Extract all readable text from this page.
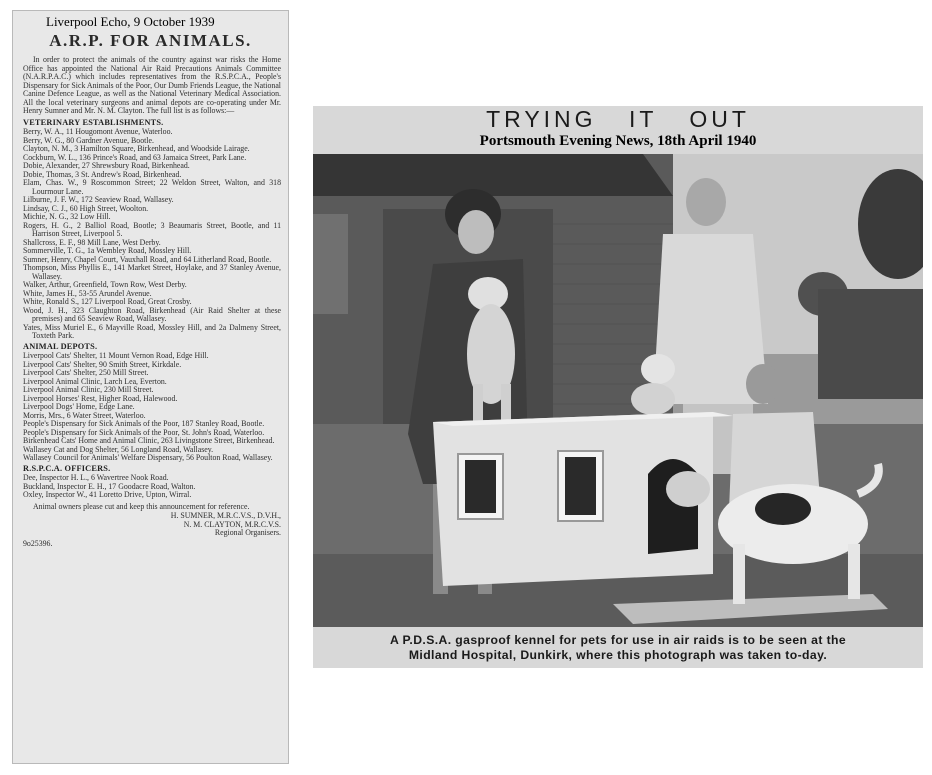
Liverpool Echo, 9 October 1939
A.R.P. FOR ANIMALS.

In order to protect the animals of the country against war risks the Home Office has appointed the National Air Raid Precautions Animals Committee (N.A.R.P.A.C.) which includes representatives from the R.S.P.C.A., People's Dispensary for Sick Animals of the Poor, Our Dumb Friends League, the National Canine Defence League, as well as the National Veterinary Medical Association. All the local veterinary surgeons and animal depots are co-operating under Mr. Henry Sumner and Mr. N. M. Clayton. The full list is as follows:—

VETERINARY ESTABLISHMENTS.

Berry, W. A., 11 Hougomont Avenue, Waterloo.

Berry, W. G., 80 Gardner Avenue, Bootle.

Clayton, N. M., 3 Hamilton Square, Birkenhead, and Woodside Lairage.

Cockburn, W. L., 136 Prince's Road, and 63 Jamaica Street, Park Lane.

Dobie, Alexander, 27 Shrewsbury Road, Birkenhead.

Dobie, Thomas, 3 St. Andrew's Road, Birkenhead.

Elam, Chas. W., 9 Roscommon Street; 22 Weldon Street, Walton, and 318 Lourmour Lane.

Lilburne, J. F. W., 172 Seaview Road, Wallasey.

Lindsay, C. J., 60 High Street, Woolton.

Michie, N. G., 32 Low Hill.

Rogers, H. G., 2 Balliol Road, Bootle; 3 Beaumaris Street, Bootle, and 11 Harrison Street, Liverpool 5.

Shallcross, E. F., 98 Mill Lane, West Derby.

Sommerville, T. G., 1a Wembley Road, Mossley Hill.

Sumner, Henry, Chapel Court, Vauxhall Road, and 64 Litherland Road, Bootle.

Thompson, Miss Phyllis E., 141 Market Street, Hoylake, and 37 Stanley Avenue, Wallasey.

Walker, Arthur, Greenfield, Town Row, West Derby.

White, James H., 53-55 Arundel Avenue.

White, Ronald S., 127 Liverpool Road, Great Crosby.

Wood, J. H., 323 Claughton Road, Birkenhead (Air Raid Shelter at these premises) and 65 Seaview Road, Wallasey.

Yates, Miss Muriel E., 6 Mayville Road, Mossley Hill, and 2a Dalmeny Street, Toxteth Park.

ANIMAL DEPOTS.

Liverpool Cats' Shelter, 11 Mount Vernon Road, Edge Hill.

Liverpool Cats' Shelter, 90 Smith Street, Kirkdale.

Liverpool Cats' Shelter, 250 Mill Street.

Liverpool Animal Clinic, Larch Lea, Everton.

Liverpool Animal Clinic, 230 Mill Street.

Liverpool Horses' Rest, Higher Road, Halewood.

Liverpool Dogs' Home, Edge Lane.

Morris, Mrs., 6 Water Street, Waterloo.

People's Dispensary for Sick Animals of the Poor, 187 Stanley Road, Bootle.

People's Dispensary for Sick Animals of the Poor, St. John's Road, Waterloo.

Birkenhead Cats' Home and Animal Clinic, 263 Livingstone Street, Birkenhead.

Wallasey Cat and Dog Shelter, 56 Longland Road, Wallasey.

Wallasey Council for Animals' Welfare Dispensary, 56 Poulton Road, Wallasey.

R.S.P.C.A. OFFICERS.

Dee, Inspector H. L., 6 Wavertree Nook Road.

Buckland, Inspector E. H., 17 Goodacre Road, Walton.

Oxley, Inspector W., 41 Loretto Drive, Upton, Wirral.

Animal owners please cut and keep this announcement for reference.

H. SUMNER, M.R.C.V.S., D.V.H.,

N. M. CLAYTON, M.R.C.V.S.

Regional Organisers.

9o25396.

TRYING IT OUT
Portsmouth Evening News, 18th April 1940
A P.D.S.A. gasproof kennel for pets for use in air raids is to be seen at the
Midland Hospital, Dunkirk, where this photograph was taken to-day.
